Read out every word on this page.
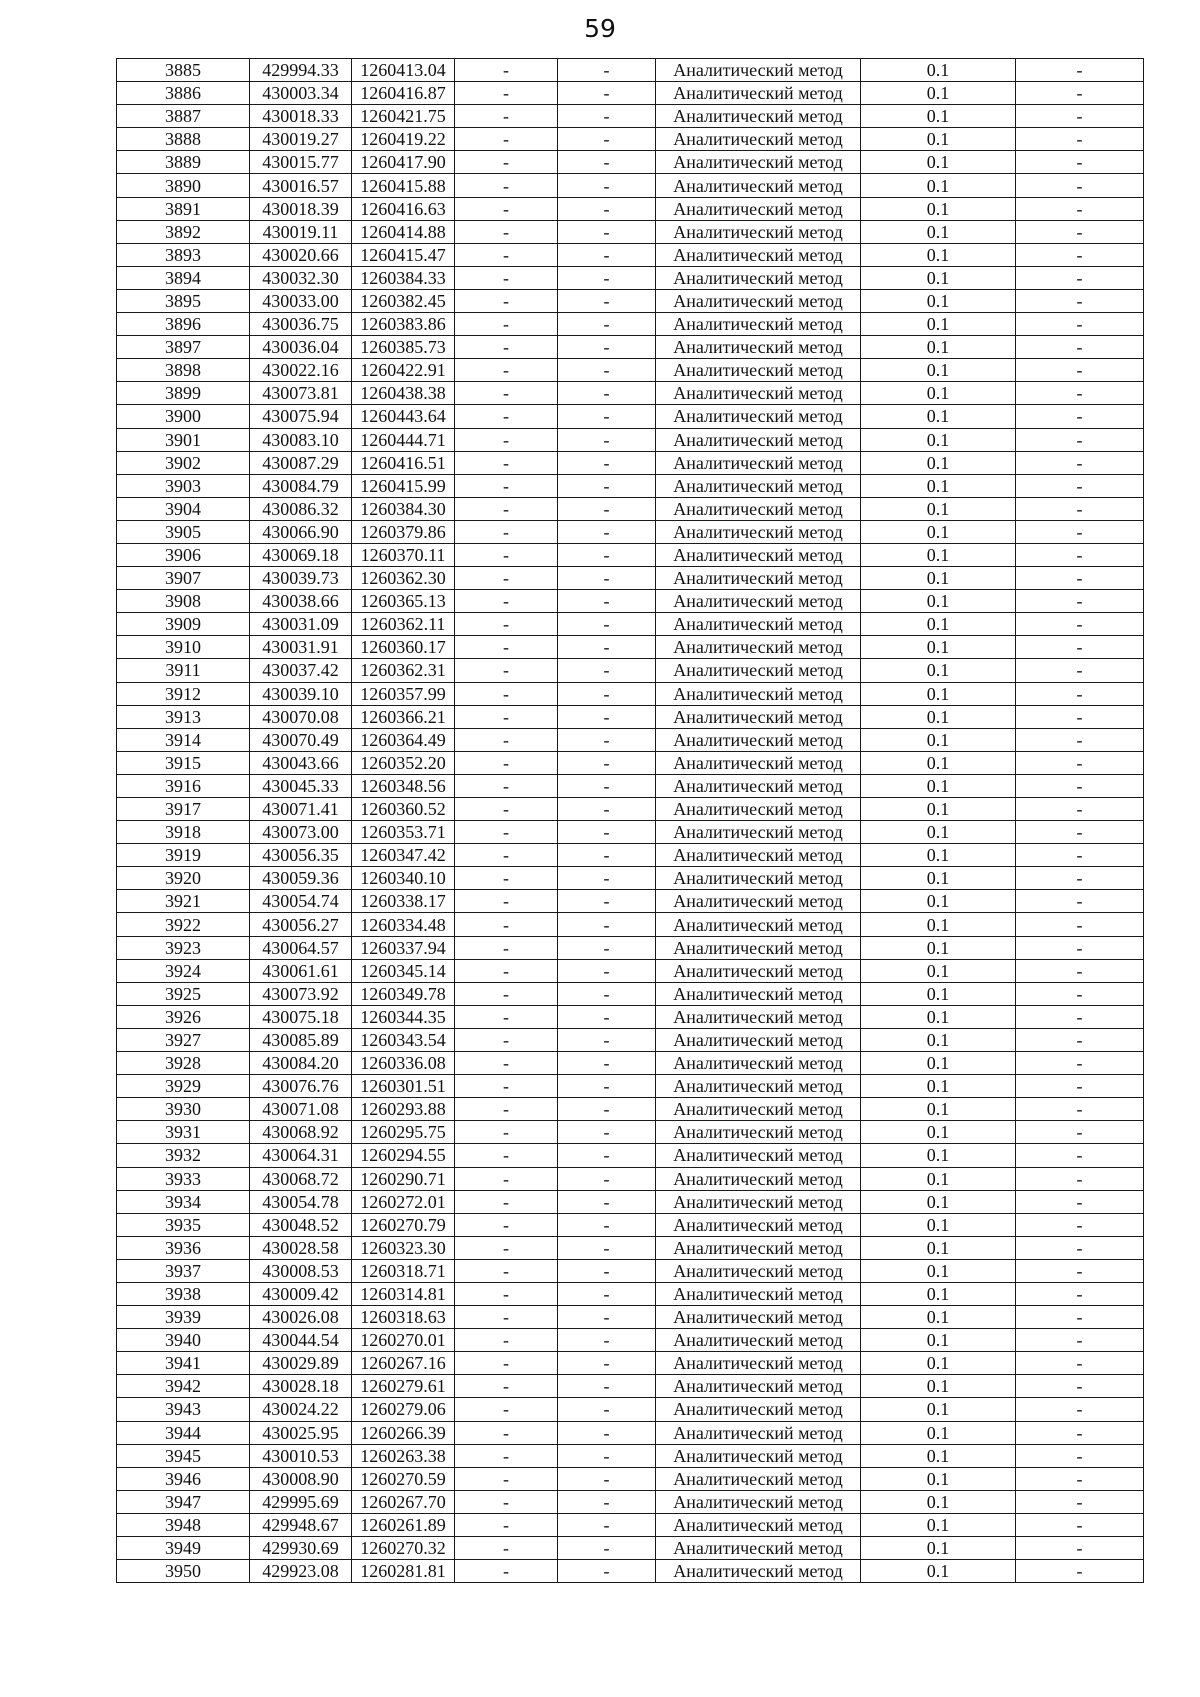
59
3885	429994.33	1260413.04	-	-	Аналитический метод	0.1	-
3886	430003.34	1260416.87	-	-	Аналитический метод	0.1	-
3887	430018.33	1260421.75	-	-	Аналитический метод	0.1	-
3888	430019.27	1260419.22	-	-	Аналитический метод	0.1	-
3889	430015.77	1260417.90	-	-	Аналитический метод	0.1	-
3890	430016.57	1260415.88	-	-	Аналитический метод	0.1	-
3891	430018.39	1260416.63	-	-	Аналитический метод	0.1	-
3892	430019.11	1260414.88	-	-	Аналитический метод	0.1	-
3893	430020.66	1260415.47	-	-	Аналитический метод	0.1	-
3894	430032.30	1260384.33	-	-	Аналитический метод	0.1	-
3895	430033.00	1260382.45	-	-	Аналитический метод	0.1	-
3896	430036.75	1260383.86	-	-	Аналитический метод	0.1	-
3897	430036.04	1260385.73	-	-	Аналитический метод	0.1	-
3898	430022.16	1260422.91	-	-	Аналитический метод	0.1	-
3899	430073.81	1260438.38	-	-	Аналитический метод	0.1	-
3900	430075.94	1260443.64	-	-	Аналитический метод	0.1	-
3901	430083.10	1260444.71	-	-	Аналитический метод	0.1	-
3902	430087.29	1260416.51	-	-	Аналитический метод	0.1	-
3903	430084.79	1260415.99	-	-	Аналитический метод	0.1	-
3904	430086.32	1260384.30	-	-	Аналитический метод	0.1	-
3905	430066.90	1260379.86	-	-	Аналитический метод	0.1	-
3906	430069.18	1260370.11	-	-	Аналитический метод	0.1	-
3907	430039.73	1260362.30	-	-	Аналитический метод	0.1	-
3908	430038.66	1260365.13	-	-	Аналитический метод	0.1	-
3909	430031.09	1260362.11	-	-	Аналитический метод	0.1	-
3910	430031.91	1260360.17	-	-	Аналитический метод	0.1	-
3911	430037.42	1260362.31	-	-	Аналитический метод	0.1	-
3912	430039.10	1260357.99	-	-	Аналитический метод	0.1	-
3913	430070.08	1260366.21	-	-	Аналитический метод	0.1	-
3914	430070.49	1260364.49	-	-	Аналитический метод	0.1	-
3915	430043.66	1260352.20	-	-	Аналитический метод	0.1	-
3916	430045.33	1260348.56	-	-	Аналитический метод	0.1	-
3917	430071.41	1260360.52	-	-	Аналитический метод	0.1	-
3918	430073.00	1260353.71	-	-	Аналитический метод	0.1	-
3919	430056.35	1260347.42	-	-	Аналитический метод	0.1	-
3920	430059.36	1260340.10	-	-	Аналитический метод	0.1	-
3921	430054.74	1260338.17	-	-	Аналитический метод	0.1	-
3922	430056.27	1260334.48	-	-	Аналитический метод	0.1	-
3923	430064.57	1260337.94	-	-	Аналитический метод	0.1	-
3924	430061.61	1260345.14	-	-	Аналитический метод	0.1	-
3925	430073.92	1260349.78	-	-	Аналитический метод	0.1	-
3926	430075.18	1260344.35	-	-	Аналитический метод	0.1	-
3927	430085.89	1260343.54	-	-	Аналитический метод	0.1	-
3928	430084.20	1260336.08	-	-	Аналитический метод	0.1	-
3929	430076.76	1260301.51	-	-	Аналитический метод	0.1	-
3930	430071.08	1260293.88	-	-	Аналитический метод	0.1	-
3931	430068.92	1260295.75	-	-	Аналитический метод	0.1	-
3932	430064.31	1260294.55	-	-	Аналитический метод	0.1	-
3933	430068.72	1260290.71	-	-	Аналитический метод	0.1	-
3934	430054.78	1260272.01	-	-	Аналитический метод	0.1	-
3935	430048.52	1260270.79	-	-	Аналитический метод	0.1	-
3936	430028.58	1260323.30	-	-	Аналитический метод	0.1	-
3937	430008.53	1260318.71	-	-	Аналитический метод	0.1	-
3938	430009.42	1260314.81	-	-	Аналитический метод	0.1	-
3939	430026.08	1260318.63	-	-	Аналитический метод	0.1	-
3940	430044.54	1260270.01	-	-	Аналитический метод	0.1	-
3941	430029.89	1260267.16	-	-	Аналитический метод	0.1	-
3942	430028.18	1260279.61	-	-	Аналитический метод	0.1	-
3943	430024.22	1260279.06	-	-	Аналитический метод	0.1	-
3944	430025.95	1260266.39	-	-	Аналитический метод	0.1	-
3945	430010.53	1260263.38	-	-	Аналитический метод	0.1	-
3946	430008.90	1260270.59	-	-	Аналитический метод	0.1	-
3947	429995.69	1260267.70	-	-	Аналитический метод	0.1	-
3948	429948.67	1260261.89	-	-	Аналитический метод	0.1	-
3949	429930.69	1260270.32	-	-	Аналитический метод	0.1	-
3950	429923.08	1260281.81	-	-	Аналитический метод	0.1	-
